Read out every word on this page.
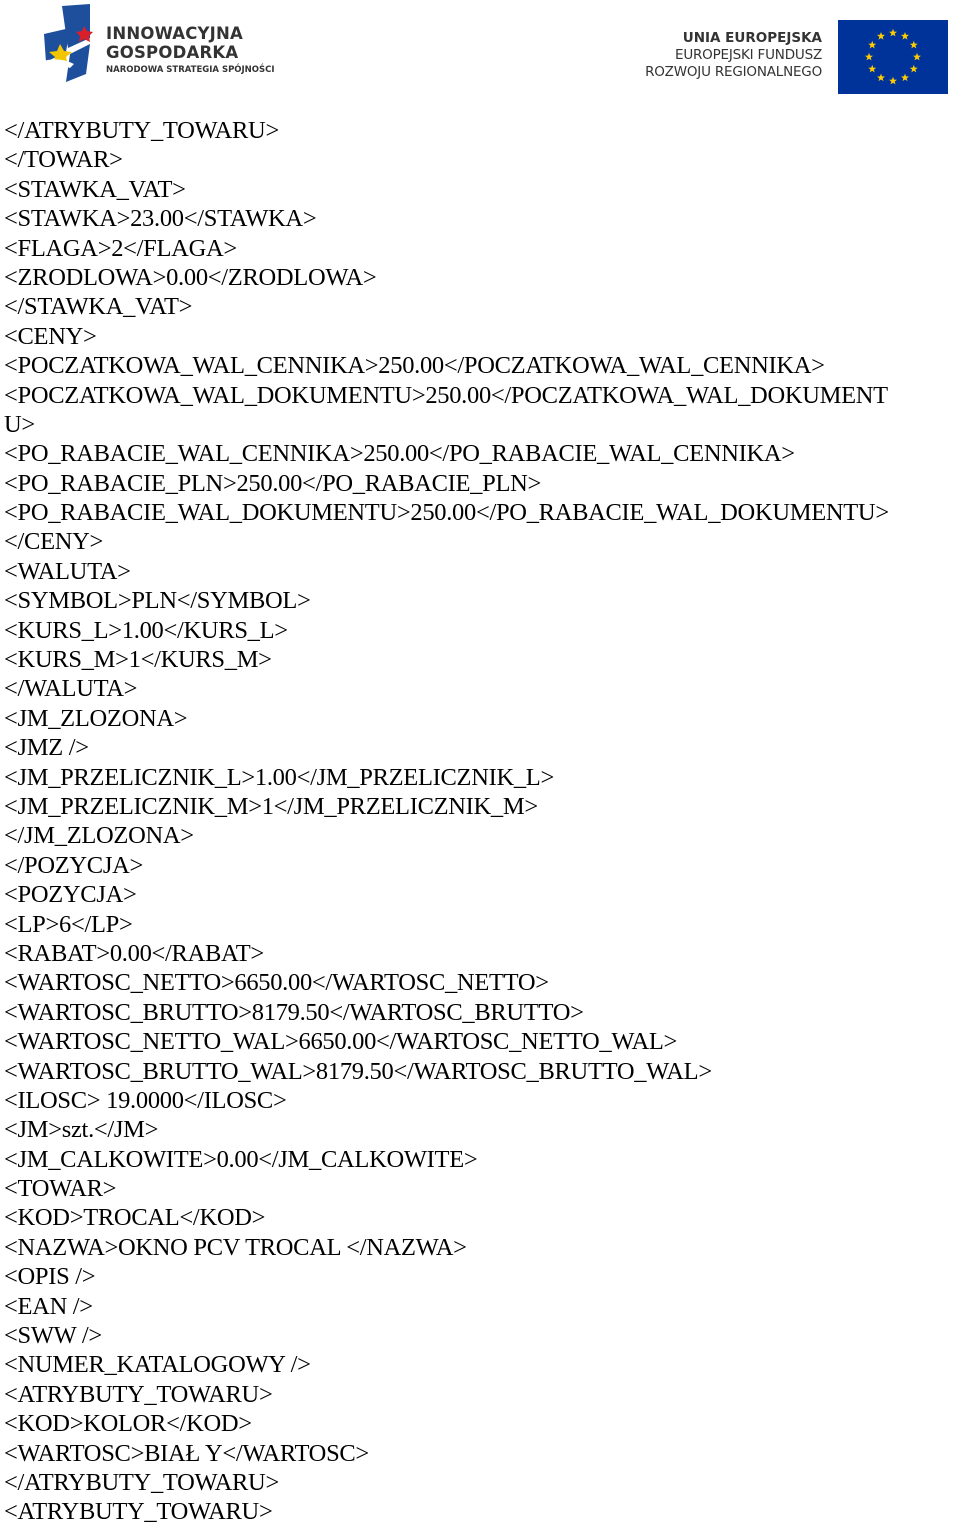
INNOWACYJNA
GOSPODARKA
NARODOWA STRATEGIA SPÓJNOŚCI
UNIA EUROPEJSKA
EUROPEJSKI FUNDUSZ
ROZWOJU REGIONALNEGO
</ATRYBUTY_TOWARU>
</TOWAR>
<STAWKA_VAT>
<STAWKA>23.00</STAWKA>
<FLAGA>2</FLAGA>
<ZRODLOWA>0.00</ZRODLOWA>
</STAWKA_VAT>
<CENY>
<POCZATKOWA_WAL_CENNIKA>250.00</POCZATKOWA_WAL_CENNIKA>
<POCZATKOWA_WAL_DOKUMENTU>250.00</POCZATKOWA_WAL_DOKUMENT
U>
<PO_RABACIE_WAL_CENNIKA>250.00</PO_RABACIE_WAL_CENNIKA>
<PO_RABACIE_PLN>250.00</PO_RABACIE_PLN>
<PO_RABACIE_WAL_DOKUMENTU>250.00</PO_RABACIE_WAL_DOKUMENTU>
</CENY>
<WALUTA>
<SYMBOL>PLN</SYMBOL>
<KURS_L>1.00</KURS_L>
<KURS_M>1</KURS_M>
</WALUTA>
<JM_ZLOZONA>
<JMZ />
<JM_PRZELICZNIK_L>1.00</JM_PRZELICZNIK_L>
<JM_PRZELICZNIK_M>1</JM_PRZELICZNIK_M>
</JM_ZLOZONA>
</POZYCJA>
<POZYCJA>
<LP>6</LP>
<RABAT>0.00</RABAT>
<WARTOSC_NETTO>6650.00</WARTOSC_NETTO>
<WARTOSC_BRUTTO>8179.50</WARTOSC_BRUTTO>
<WARTOSC_NETTO_WAL>6650.00</WARTOSC_NETTO_WAL>
<WARTOSC_BRUTTO_WAL>8179.50</WARTOSC_BRUTTO_WAL>
<ILOSC> 19.0000</ILOSC>
<JM>szt.</JM>
<JM_CALKOWITE>0.00</JM_CALKOWITE>
<TOWAR>
<KOD>TROCAL</KOD>
<NAZWA>OKNO PCV TROCAL </NAZWA>
<OPIS />
<EAN />
<SWW />
<NUMER_KATALOGOWY />
<ATRYBUTY_TOWARU>
<KOD>KOLOR</KOD>
<WARTOSC>BIAŁ Y</WARTOSC>
</ATRYBUTY_TOWARU>
<ATRYBUTY_TOWARU>
